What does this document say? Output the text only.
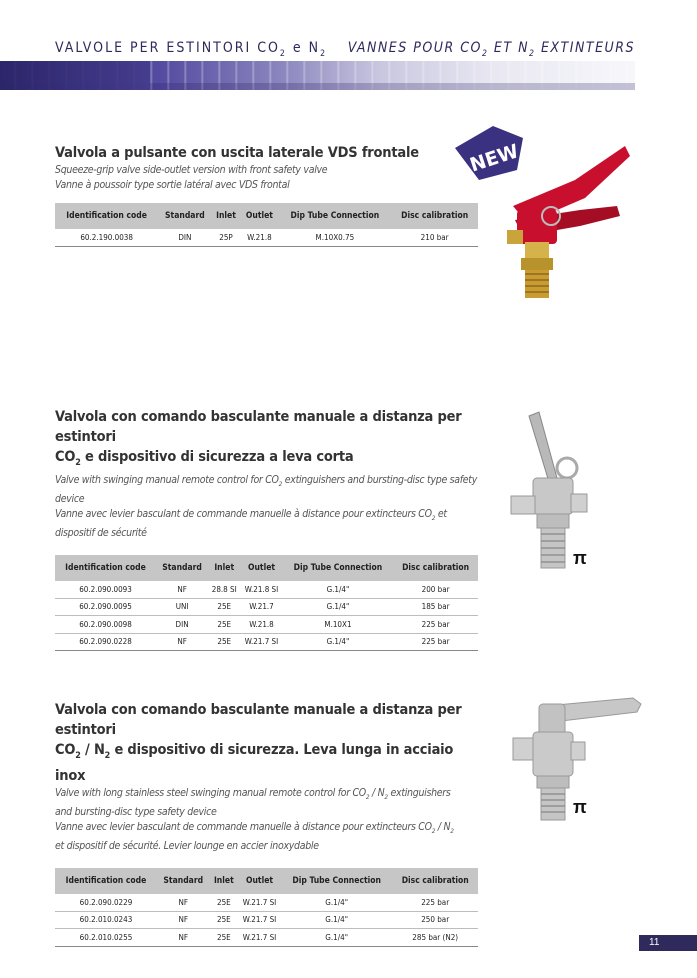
VALVOLE PER ESTINTORI $CO_2$ e $N_2$ VANNES POUR $CO_2$ ET $N_2$ EXTINTEURS
Valvola a pulsante con uscita laterale VDS frontale
Squeeze-grip valve side-outlet version with front safety valve
Vanne à poussoir type sortie latéral avec VDS frontal
Identification code	Standard	Inlet	Outlet	Dip Tube Connection	Disc calibration
60.2.190.0038	DIN	25P	W.21.8	M.10X0.75	210 bar
NEW
Valvola con comando basculante manuale a distanza per estintori
$CO_2$ e dispositivo di sicurezza a leva corta
Valve with swinging manual remote control for $CO_2$ extinguishers and bursting-disc type safety device
Vanne avec levier basculant de commande manuelle à distance pour extincteurs $CO_2$ et dispositif de sécurité
Identification code	Standard	Inlet	Outlet	Dip Tube Connection	Disc calibration
60.2.090.0093	NF	28.8 SI	W.21.8 SI	G.1/4"	200 bar
60.2.090.0095	UNI	25E	W.21.7	G.1/4"	185 bar
60.2.090.0098	DIN	25E	W.21.8	M.10X1	225 bar
60.2.090.0228	NF	25E	W.21.7 SI	G.1/4"	225 bar
π
Valvola con comando basculante manuale a distanza per estintori
$CO_2 / N_2$ e dispositivo di sicurezza. Leva lunga in acciaio inox
Valve with long stainless steel swinging manual remote control for $CO_2 / N_2$ extinguishers
and bursting-disc type safety device
Vanne avec levier basculant de commande manuelle à distance pour extincteurs $CO_2 / N_2$
et dispositif de sécurité. Levier lounge en accier inoxydable
Identification code	Standard	Inlet	Outlet	Dip Tube Connection	Disc calibration
60.2.090.0229	NF	25E	W.21.7 SI	G.1/4"	225 bar
60.2.010.0243	NF	25E	W.21.7 SI	G.1/4"	250 bar
60.2.010.0255	NF	25E	W.21.7 SI	G.1/4"	285 bar (N2)
π
11
